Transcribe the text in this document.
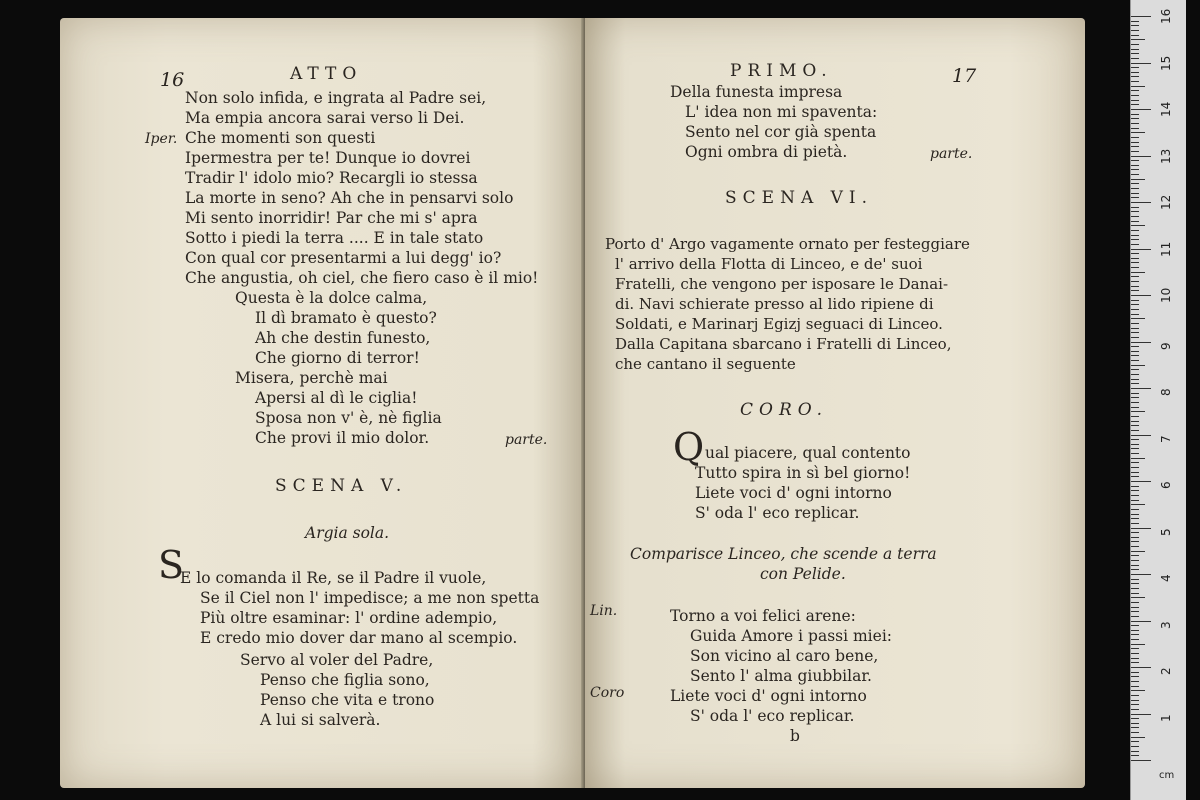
16	ATTO
Non solo infida, e ingrata al Padre sei,
Ma empia ancora sarai verso li Dei.
Iper. Che momenti son questi
Ipermestra per te! Dunque io dovrei
Tradir l' idolo mio? Recargli io stessa
La morte in seno? Ah che in pensarvi solo
Mi sento inorridir! Par che mi s' apra
Sotto i piedi la terra .... E in tale stato
Con qual cor presentarmi a lui degg' io?
Che angustia, oh ciel, che fiero caso è il mio!
Questa è la dolce calma,
Il dì bramato è questo?
Ah che destin funesto,
Che giorno di terror!
Misera, perchè mai
Apersi al dì le ciglia!
Sposa non v' è, nè figlia
Che provi il mio dolor.	parte.
SCENA V.
Argia sola.
S
E lo comanda il Re, se il Padre il vuole,
Se il Ciel non l' impedisce; a me non spetta
Più oltre esaminar: l' ordine adempio,
E credo mio dover dar mano al scempio.
Servo al voler del Padre,
Penso che figlia sono,
Penso che vita e trono
A lui si salverà.
PRIMO.	17
Della funesta impresa
L' idea non mi spaventa:
Sento nel cor già spenta
Ogni ombra di pietà.	parte.
SCENA VI.
Porto d' Argo vagamente ornato per festeggiare
l' arrivo della Flotta di Linceo, e de' suoi
Fratelli, che vengono per isposare le Danai-
di. Navi schierate presso al lido ripiene di
Soldati, e Marinarj Egizj seguaci di Linceo.
Dalla Capitana sbarcano i Fratelli di Linceo,
che cantano il seguente
CORO.
Q ual piacere, qual contento
Tutto spira in sì bel giorno!
Liete voci d' ogni intorno
S' oda l' eco replicar.
Comparisce Linceo, che scende a terra
con Pelide.
Lin.	Torno a voi felici arene:
Guida Amore i passi miei:
Son vicino al caro bene,
Sento l' alma giubbilar.
Coro	Liete voci d' ogni intorno
S' oda l' eco replicar.
b
cm
1
2
3
4
5
6
7
8
9
10
11
12
13
14
15
16
